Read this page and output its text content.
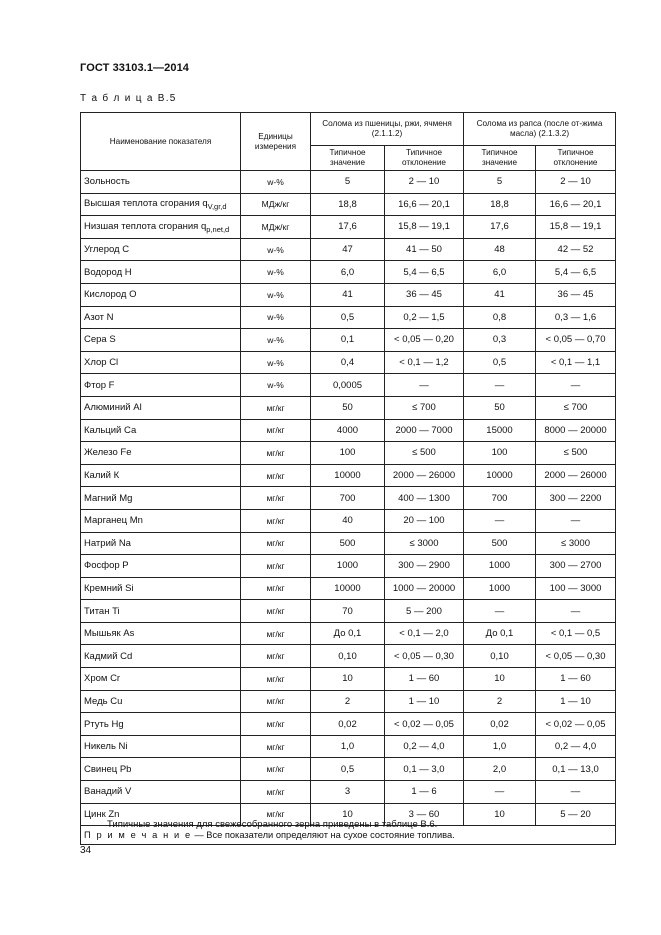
ГОСТ 33103.1—2014
Т а б л и ц а В.5
Наименование показателя	Единицы измерения	Солома из пшеницы, ржи, ячменя (2.1.1.2)		Солома из рапса (после от-жима масла) (2.1.3.2)	
		Типичное значение	Типичное отклонение	Типичное значение	Типичное отклонение
Зольность	w-%	5	2 — 10	5	2 — 10
Высшая теплота сгорания $q_{V,gr,d}$	МДж/кг	18,8	16,6 — 20,1	18,8	16,6 — 20,1
Низшая теплота сгорания $q_{p,net,d}$	МДж/кг	17,6	15,8 — 19,1	17,6	15,8 — 19,1
Углерод С	w-%	47	41 — 50	48	42 — 52
Водород Н	w-%	6,0	5,4 — 6,5	6,0	5,4 — 6,5
Кислород О	w-%	41	36 — 45	41	36 — 45
Азот N	w-%	0,5	0,2 — 1,5	0,8	0,3 — 1,6
Сера S	w-%	0,1	< 0,05 — 0,20	0,3	< 0,05 — 0,70
Хлор Cl	w-%	0,4	< 0,1 — 1,2	0,5	< 0,1 — 1,1
Фтор F	w-%	0,0005	—	—	—
Алюминий Al	мг/кг	50	≤ 700	50	≤ 700
Кальций Са	мг/кг	4000	2000 — 7000	15000	8000 — 20000
Железо Fe	мг/кг	100	≤ 500	100	≤ 500
Калий К	мг/кг	10000	2000 — 26000	10000	2000 — 26000
Магний Mg	мг/кг	700	400 — 1300	700	300 — 2200
Марганец Mn	мг/кг	40	20 — 100	—	—
Натрий Na	мг/кг	500	≤ 3000	500	≤ 3000
Фосфор Р	мг/кг	1000	300 — 2900	1000	300 — 2700
Кремний Si	мг/кг	10000	1000 — 20000	1000	100 — 3000
Титан Ti	мг/кг	70	5 — 200	—	—
Мышьяк As	мг/кг	До 0,1	< 0,1 — 2,0	До 0,1	< 0,1 — 0,5
Кадмий Cd	мг/кг	0,10	< 0,05 — 0,30	0,10	< 0,05 — 0,30
Хром Cr	мг/кг	10	1 — 60	10	1 — 60
Медь Cu	мг/кг	2	1 — 10	2	1 — 10
Ртуть Hg	мг/кг	0,02	< 0,02 — 0,05	0,02	< 0,02 — 0,05
Никель Ni	мг/кг	1,0	0,2 — 4,0	1,0	0,2 — 4,0
Свинец Pb	мг/кг	0,5	0,1 — 3,0	2,0	0,1 — 13,0
Ванадий V	мг/кг	3	1 — 6	—	—
Цинк Zn	мг/кг	10	3 — 60	10	5 — 20
П р и м е ч а н и е — Все показатели определяют на сухое состояние топлива.					
Типичные значения для свежесобранного зерна приведены в таблице В.6.
34
